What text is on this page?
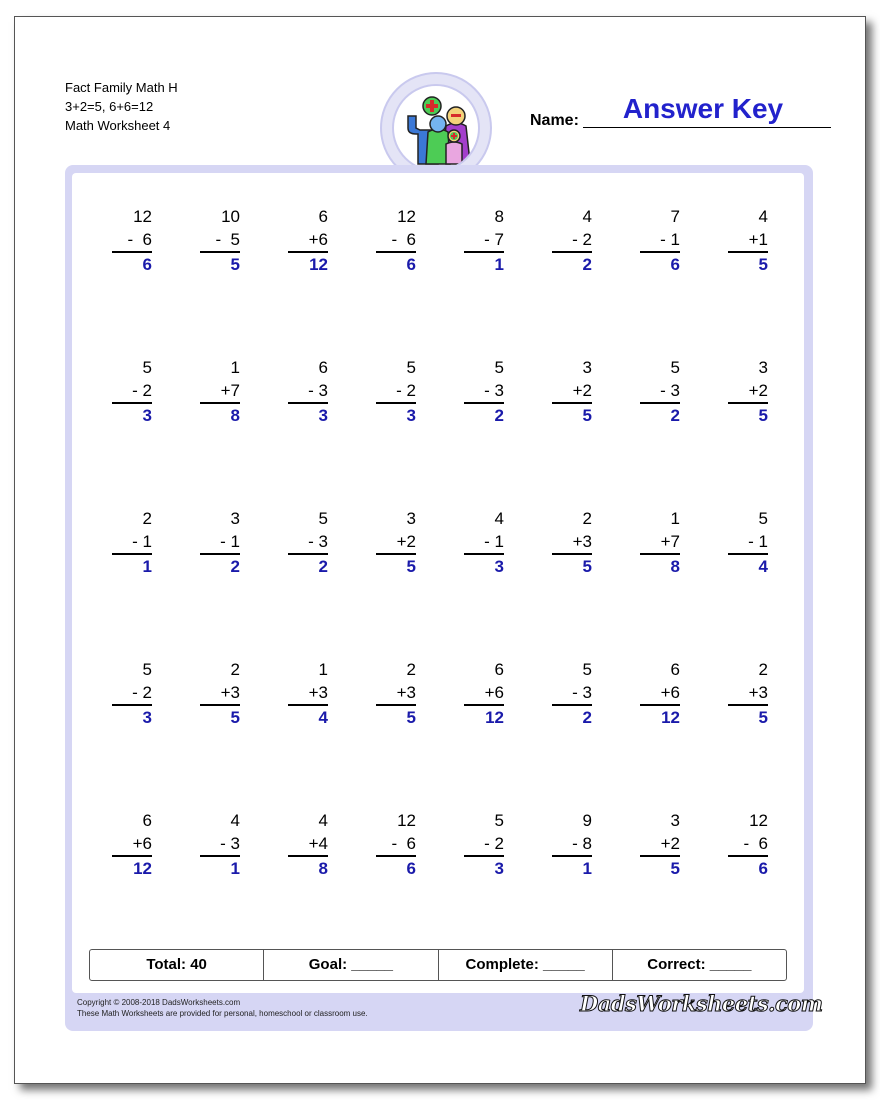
Fact Family Math H
3+2=5, 6+6=12
Math Worksheet 4
Answer Key
Name:
12
-  6
6
10
-  5
5
6
+6
12
12
-  6
6
8
- 7
1
4
- 2
2
7
- 1
6
4
+1
5
5
- 2
3
1
+7
8
6
- 3
3
5
- 2
3
5
- 3
2
3
+2
5
5
- 3
2
3
+2
5
2
- 1
1
3
- 1
2
5
- 3
2
3
+2
5
4
- 1
3
2
+3
5
1
+7
8
5
- 1
4
5
- 2
3
2
+3
5
1
+3
4
2
+3
5
6
+6
12
5
- 3
2
6
+6
12
2
+3
5
6
+6
12
4
- 3
1
4
+4
8
12
-  6
6
5
- 2
3
9
- 8
1
3
+2
5
12
-  6
6
Total: 40	Goal: _____	Complete: _____	Correct: _____
Copyright © 2008-2018 DadsWorksheets.com
These Math Worksheets are provided for personal, homeschool or classroom use.	DadsWorksheets.com
